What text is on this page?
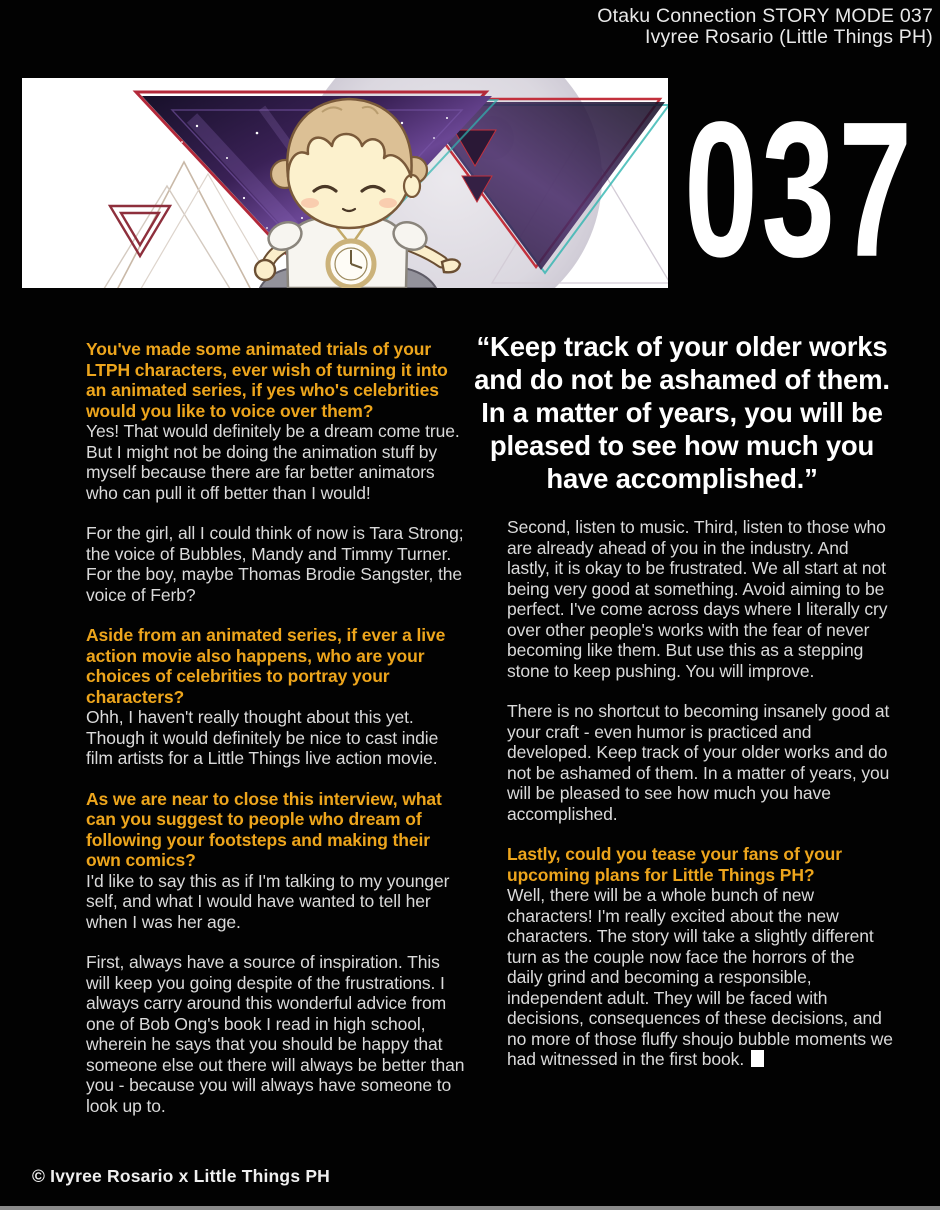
Otaku Connection STORY MODE 037
Ivyree Rosario (Little Things PH)
037

You've made some animated trials of your LTPH characters, ever wish of turning it into an animated series, if yes who's celebrities would you like to voice over them?

Yes! That would definitely be a dream come true. But I might not be doing the animation stuff by myself because there are far better animators who can pull it off better than I would!

For the girl, all I could think of now is Tara Strong; the voice of Bubbles, Mandy and Timmy Turner. For the boy, maybe Thomas Brodie Sangster, the voice of Ferb?

Aside from an animated series, if ever a live action movie also happens, who are your choices of celebrities to portray your characters?

Ohh, I haven't really thought about this yet. Though it would definitely be nice to cast indie film artists for a Little Things live action movie.

As we are near to close this interview, what can you suggest to people who dream of following your footsteps and making their own comics?

I'd like to say this as if I'm talking to my younger self, and what I would have wanted to tell her when I was her age.

First, always have a source of inspiration. This will keep you going despite of the frustrations. I always carry around this wonderful advice from one of Bob Ong's book I read in high school, wherein he says that you should be happy that someone else out there will always be better than you - because you will always have someone to look up to.

“Keep track of your older works and do not be ashamed of them. In a matter of years, you will be pleased to see how much you have accomplished.”

Second, listen to music. Third, listen to those who are already ahead of you in the industry. And lastly, it is okay to be frustrated. We all start at not being very good at something. Avoid aiming to be perfect. I've come across days where I literally cry over other people's works with the fear of never becoming like them. But use this as a stepping stone to keep pushing. You will improve.

There is no shortcut to becoming insanely good at your craft - even humor is practiced and developed. Keep track of your older works and do not be ashamed of them. In a matter of years, you will be pleased to see how much you have accomplished.

Lastly, could you tease your fans of your upcoming plans for Little Things PH?

Well, there will be a whole bunch of new characters! I'm really excited about the new characters. The story will take a slightly different turn as the couple now face the horrors of the daily grind and becoming a responsible, independent adult. They will be faced with decisions, consequences of these decisions, and no more of those fluffy shoujo bubble moments we had witnessed in the first book.

© Ivyree Rosario x Little Things PH
